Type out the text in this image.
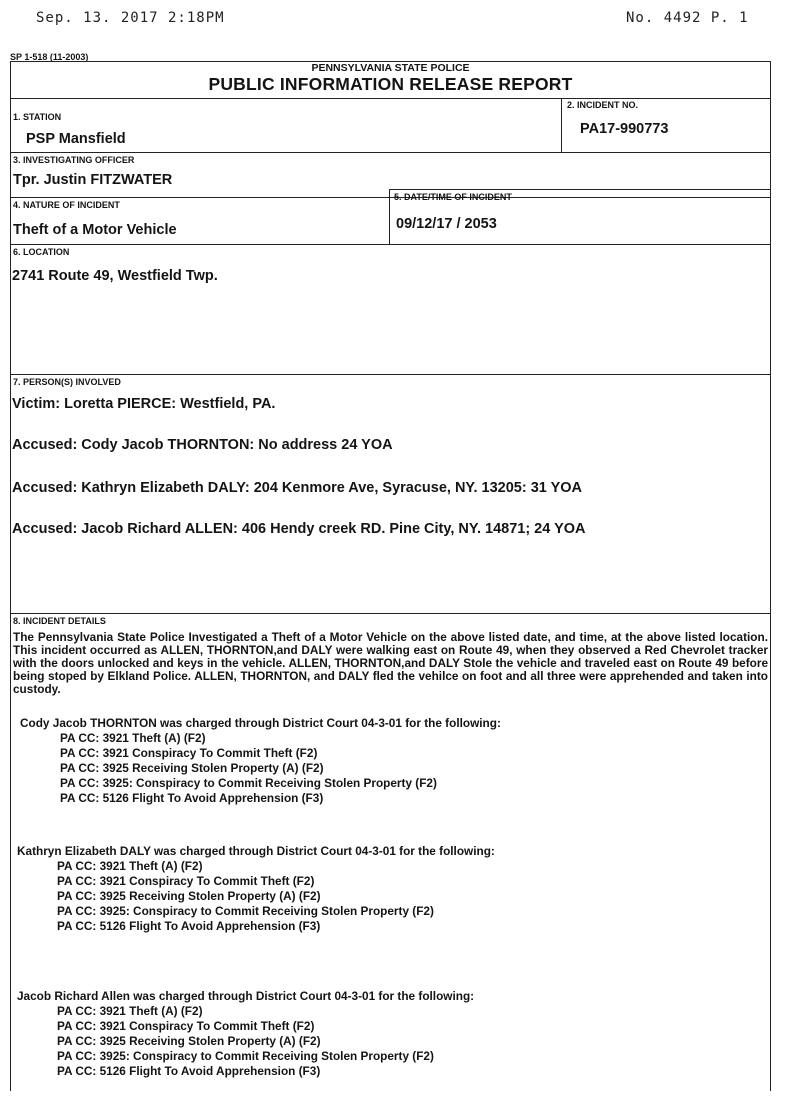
Sep. 13. 2017 2:18PM	No. 4492 P. 1
SP 1-518 (11-2003)
PENNSYLVANIA STATE POLICE
PUBLIC INFORMATION RELEASE REPORT
1. STATION
PSP Mansfield
2. INCIDENT NO.
PA17-990773
3. INVESTIGATING OFFICER
Tpr. Justin FITZWATER
4. NATURE OF INCIDENT
Theft of a Motor Vehicle
5. DATE/TIME OF INCIDENT
09/12/17 / 2053
6. LOCATION
2741 Route 49, Westfield Twp.
7. PERSON(S) INVOLVED
Victim: Loretta PIERCE: Westfield, PA.
Accused: Cody Jacob THORNTON: No address 24 YOA
Accused: Kathryn Elizabeth DALY: 204 Kenmore Ave, Syracuse, NY. 13205: 31 YOA
Accused: Jacob Richard ALLEN: 406 Hendy creek RD. Pine City, NY. 14871; 24 YOA
8. INCIDENT DETAILS

The Pennsylvania State Police Investigated a Theft of a Motor Vehicle on the above listed date, and time, at the above listed location. This incident occurred as ALLEN, THORNTON,and DALY were walking east on Route 49, when they observed a Red Chevrolet tracker with the doors unlocked and keys in the vehicle. ALLEN, THORNTON,and DALY Stole the vehicle and traveled east on Route 49 before being stoped by Elkland Police. ALLEN, THORNTON, and DALY fled the vehilce on foot and all three were apprehended and taken into custody.

Cody Jacob THORNTON was charged through District Court 04-3-01 for the following:
PA CC: 3921 Theft (A) (F2)
PA CC: 3921 Conspiracy To Commit Theft (F2)
PA CC: 3925 Receiving Stolen Property (A) (F2)
PA CC: 3925: Conspiracy to Commit Receiving Stolen Property (F2)
PA CC: 5126 Flight To Avoid Apprehension (F3)
Kathryn Elizabeth DALY was charged through District Court 04-3-01 for the following:
PA CC: 3921 Theft (A) (F2)
PA CC: 3921 Conspiracy To Commit Theft (F2)
PA CC: 3925 Receiving Stolen Property (A) (F2)
PA CC: 3925: Conspiracy to Commit Receiving Stolen Property (F2)
PA CC: 5126 Flight To Avoid Apprehension (F3)
Jacob Richard Allen was charged through District Court 04-3-01 for the following:
PA CC: 3921 Theft (A) (F2)
PA CC: 3921 Conspiracy To Commit Theft (F2)
PA CC: 3925 Receiving Stolen Property (A) (F2)
PA CC: 3925: Conspiracy to Commit Receiving Stolen Property (F2)
PA CC: 5126 Flight To Avoid Apprehension (F3)
